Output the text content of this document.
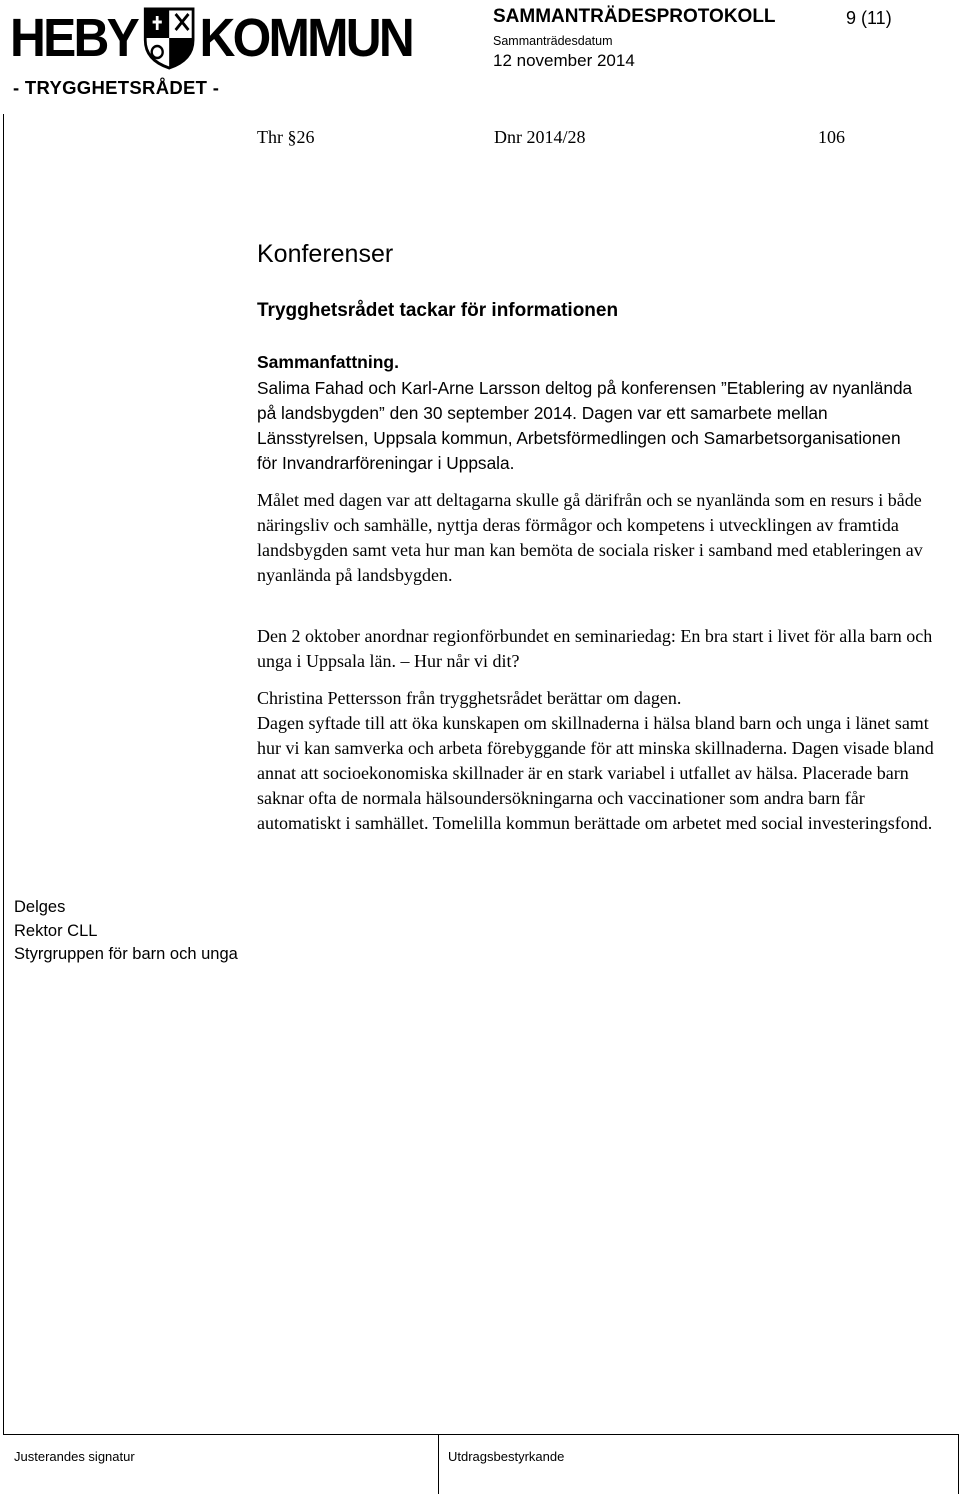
HEBY KOMMUN	SAMMANTRÄDESPROTOKOLL	9 (11)
Sammanträdesdatum
12 november 2014
- TRYGGHETSRÅDET -
Thr §26	Dnr 2014/28	106
Konferenser
Trygghetsrådet tackar för informationen
Sammanfattning.
Salima Fahad och Karl-Arne Larsson deltog på konferensen ”Etablering av nyanlända på landsbygden” den 30 september 2014. Dagen var ett samarbete mellan Länsstyrelsen, Uppsala kommun, Arbetsförmedlingen och Samarbetsorganisationen för Invandrarföreningar i Uppsala.
Målet med dagen var att deltagarna skulle gå därifrån och se nyanlända som en resurs i både näringsliv och samhälle, nyttja deras förmågor och kompetens i utvecklingen av framtida landsbygden samt veta hur man kan bemöta de sociala risker i samband med etableringen av nyanlända på landsbygden.
Den 2 oktober anordnar regionförbundet en seminariedag: En bra start i livet för alla barn och unga i Uppsala län. – Hur når vi dit?
Christina Pettersson från trygghetsrådet berättar om dagen.
Dagen syftade till att öka kunskapen om skillnaderna i hälsa bland barn och unga i länet samt hur vi kan samverka och arbeta förebyggande för att minska skillnaderna. Dagen visade bland annat att socioekonomiska skillnader är en stark variabel i utfallet av hälsa. Placerade barn saknar ofta de normala hälsoundersökningarna och vaccinationer som andra barn får automatiskt i samhället. Tomelilla kommun berättade om arbetet med social investeringsfond.
Delges
Rektor CLL
Styrgruppen för barn och unga
Justerandes signatur	Utdragsbestyrkande
